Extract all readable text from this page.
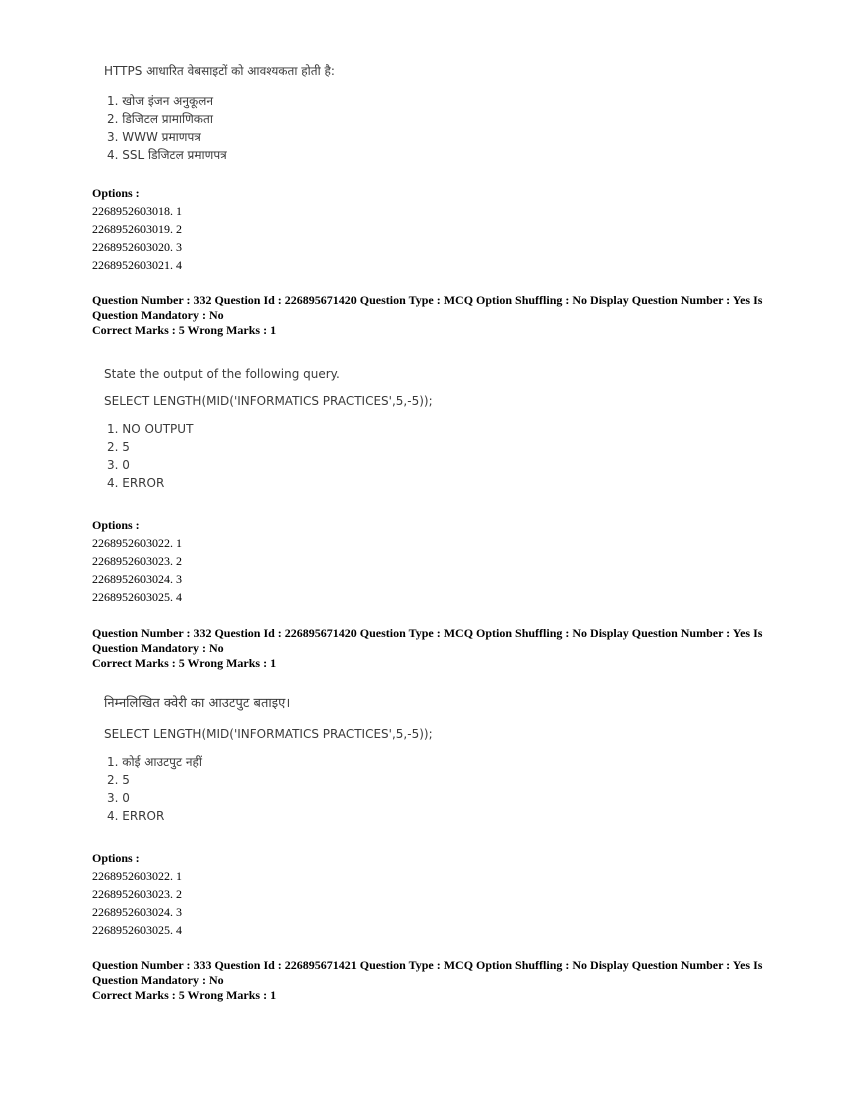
HTTPS आधारित वेबसाइटों को आवश्यकता होती है:
1. खोज इंजन अनुकूलन
2. डिजिटल प्रामाणिकता
3. WWW प्रमाणपत्र
4. SSL डिजिटल प्रमाणपत्र
Options :
2268952603018. 1
2268952603019. 2
2268952603020. 3
2268952603021. 4
Question Number : 332 Question Id : 226895671420 Question Type : MCQ Option Shuffling : No Display Question Number : Yes Is Question Mandatory : No
Correct Marks : 5 Wrong Marks : 1
State the output of the following query.
SELECT LENGTH(MID('INFORMATICS PRACTICES',5,-5));
1. NO OUTPUT
2. 5
3. 0
4. ERROR
Options :
2268952603022. 1
2268952603023. 2
2268952603024. 3
2268952603025. 4
Question Number : 332 Question Id : 226895671420 Question Type : MCQ Option Shuffling : No Display Question Number : Yes Is Question Mandatory : No
Correct Marks : 5 Wrong Marks : 1
निम्नलिखित क्वेरी का आउटपुट बताइए।
SELECT LENGTH(MID('INFORMATICS PRACTICES',5,-5));
1. कोई आउटपुट नहीं
2. 5
3. 0
4. ERROR
Options :
2268952603022. 1
2268952603023. 2
2268952603024. 3
2268952603025. 4
Question Number : 333 Question Id : 226895671421 Question Type : MCQ Option Shuffling : No Display Question Number : Yes Is Question Mandatory : No
Correct Marks : 5 Wrong Marks : 1
